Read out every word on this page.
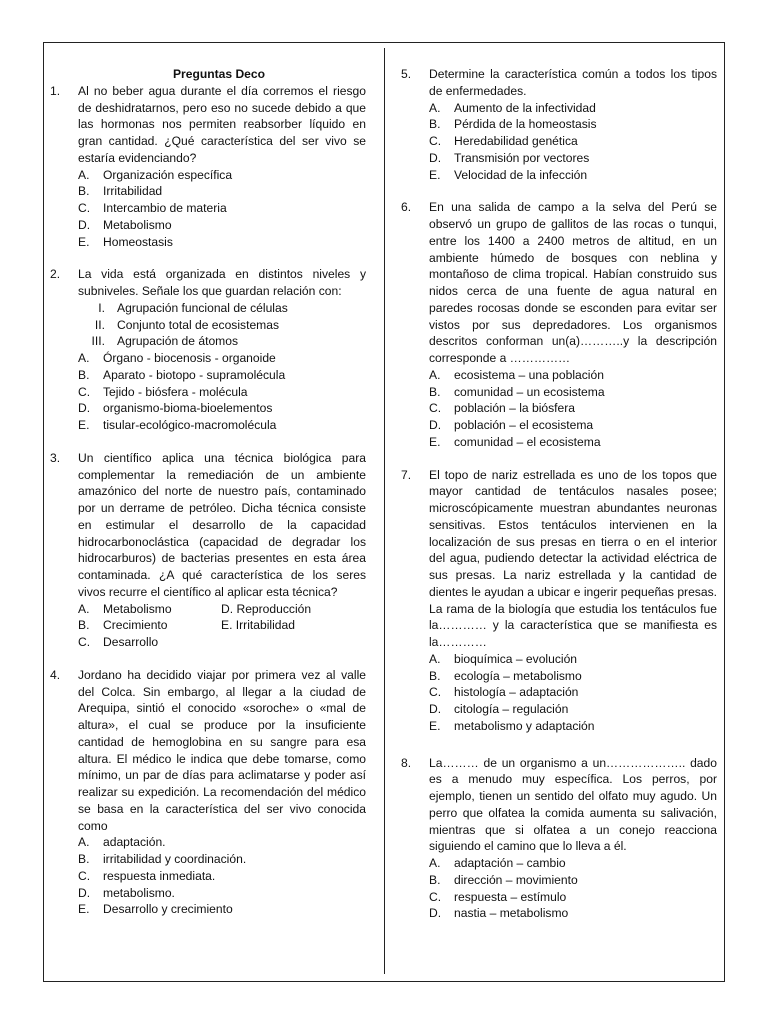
Preguntas Deco
1. Al no beber agua durante el día corremos el riesgo de deshidratarnos, pero eso no sucede debido a que las hormonas nos permiten reabsorber líquido en gran cantidad. ¿Qué característica del ser vivo se estaría evidenciando?
A. Organización específica
B. Irritabilidad
C. Intercambio de materia
D. Metabolismo
E. Homeostasis
2. La vida está organizada en distintos niveles y subniveles. Señale los que guardan relación con:
I. Agrupación funcional de células
II. Conjunto total de ecosistemas
III. Agrupación de átomos
A. Órgano - biocenosis - organoide
B. Aparato - biotopo - supramolécula
C. Tejido - biósfera - molécula
D. organismo-bioma-bioelementos
E. tisular-ecológico-macromolécula
3. Un científico aplica una técnica biológica para complementar la remediación de un ambiente amazónico del norte de nuestro país, contaminado por un derrame de petróleo. Dicha técnica consiste en estimular el desarrollo de la capacidad hidrocarbonoclástica (capacidad de degradar los hidrocarburos) de bacterias presentes en esta área contaminada. ¿A qué característica de los seres vivos recurre el científico al aplicar esta técnica?
A. Metabolismo	D. Reproducción
B. Crecimiento	E. Irritabilidad
C. Desarrollo
4. Jordano ha decidido viajar por primera vez al valle del Colca. Sin embargo, al llegar a la ciudad de Arequipa, sintió el conocido «soroche» o «mal de altura», el cual se produce por la insuficiente cantidad de hemoglobina en su sangre para esa altura. El médico le indica que debe tomarse, como mínimo, un par de días para aclimatarse y poder así realizar su expedición. La recomendación del médico se basa en la característica del ser vivo conocida como
A. adaptación.
B. irritabilidad y coordinación.
C. respuesta inmediata.
D. metabolismo.
E. Desarrollo y crecimiento
5. Determine la característica común a todos los tipos de enfermedades.
A. Aumento de la infectividad
B. Pérdida de la homeostasis
C. Heredabilidad genética
D. Transmisión por vectores
E. Velocidad de la infección
6. En una salida de campo a la selva del Perú se observó un grupo de gallitos de las rocas o tunqui, entre los 1400 a 2400 metros de altitud, en un ambiente húmedo de bosques con neblina y montañoso de clima tropical. Habían construido sus nidos cerca de una fuente de agua natural en paredes rocosas donde se esconden para evitar ser vistos por sus depredadores. Los organismos descritos conforman un(a)………..y la descripción corresponde a ……………
A. ecosistema – una población
B. comunidad – un ecosistema
C. población – la biósfera
D. población – el ecosistema
E. comunidad – el ecosistema
7. El topo de nariz estrellada es uno de los topos que mayor cantidad de tentáculos nasales posee; microscópicamente muestran abundantes neuronas sensitivas. Estos tentáculos intervienen en la localización de sus presas en tierra o en el interior del agua, pudiendo detectar la actividad eléctrica de sus presas. La nariz estrellada y la cantidad de dientes le ayudan a ubicar e ingerir pequeñas presas. La rama de la biología que estudia los tentáculos fue la………… y la característica que se manifiesta es la…………
A. bioquímica – evolución
B. ecología – metabolismo
C. histología – adaptación
D. citología – regulación
E. metabolismo y adaptación
8. La……… de un organismo a un……………….. dado es a menudo muy específica. Los perros, por ejemplo, tienen un sentido del olfato muy agudo. Un perro que olfatea la comida aumenta su salivación, mientras que si olfatea a un conejo reacciona siguiendo el camino que lo lleva a él.
A. adaptación – cambio
B. dirección – movimiento
C. respuesta – estímulo
D. nastia – metabolismo
